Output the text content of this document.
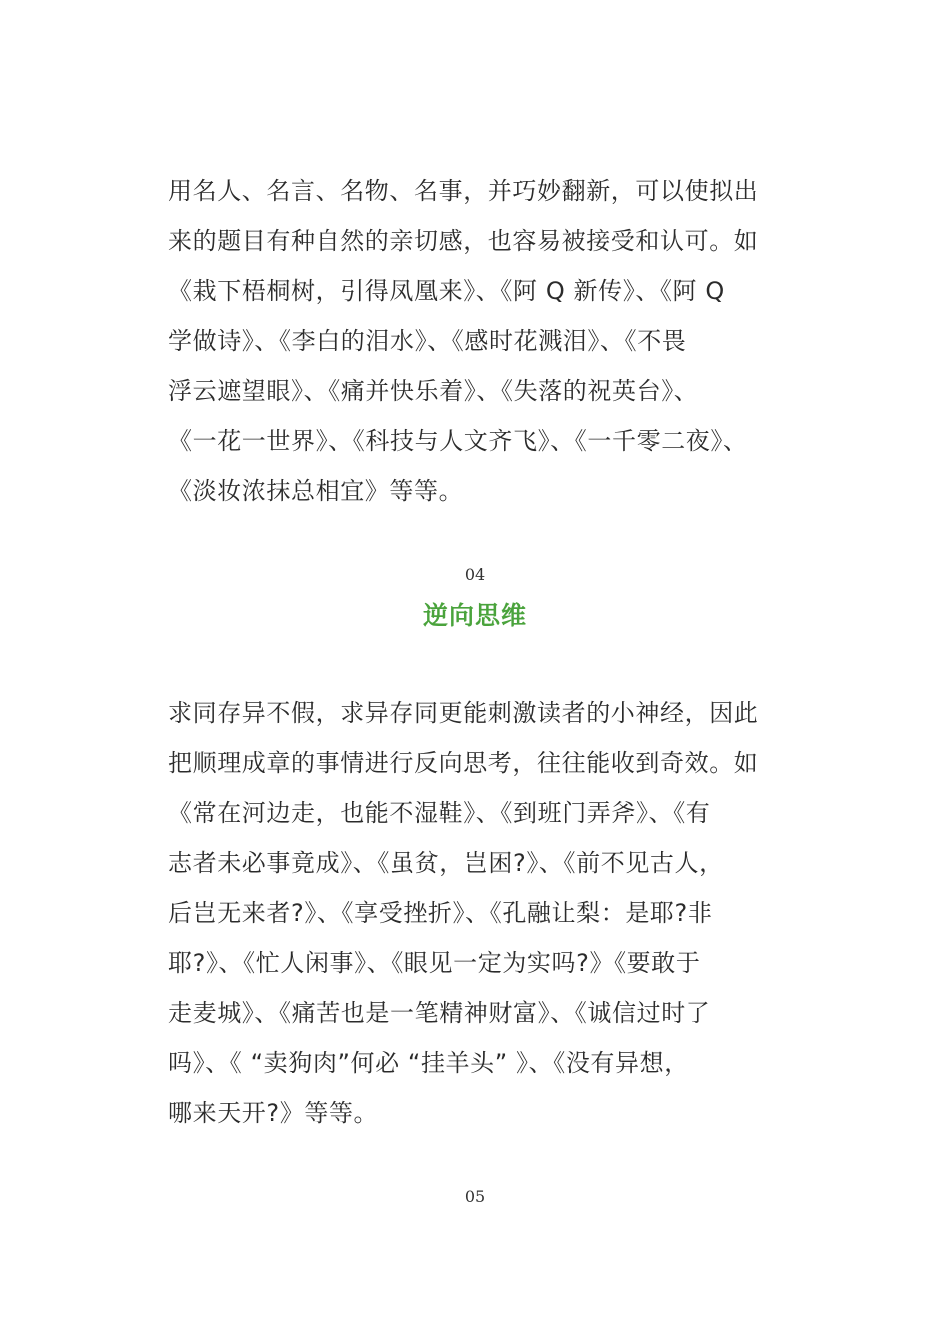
用名人、名言、名物、名事，并巧妙翻新，可以使拟出
来的题目有种自然的亲切感，也容易被接受和认可。如
《栽下梧桐树，引得凤凰来》、《阿 Q 新传》、《阿 Q
学做诗》、《李白的泪水》、《感时花溅泪》、《不畏
浮云遮望眼》、《痛并快乐着》、《失落的祝英台》、
《一花一世界》、《科技与人文齐飞》、《一千零二夜》、
《淡妆浓抹总相宜》等等。
04
逆向思维
求同存异不假，求异存同更能刺激读者的小神经，因此
把顺理成章的事情进行反向思考，往往能收到奇效。如
《常在河边走，也能不湿鞋》、《到班门弄斧》、《有
志者未必事竟成》、《虽贫，岂困?》、《前不见古人，
后岂无来者?》、《享受挫折》、《孔融让梨：是耶?非
耶?》、《忙人闲事》、《眼见一定为实吗?》《要敢于
走麦城》、《痛苦也是一笔精神财富》、《诚信过时了
吗》、《 “卖狗肉”何必 “挂羊头” 》、《没有异想，
哪来天开?》等等。
05
